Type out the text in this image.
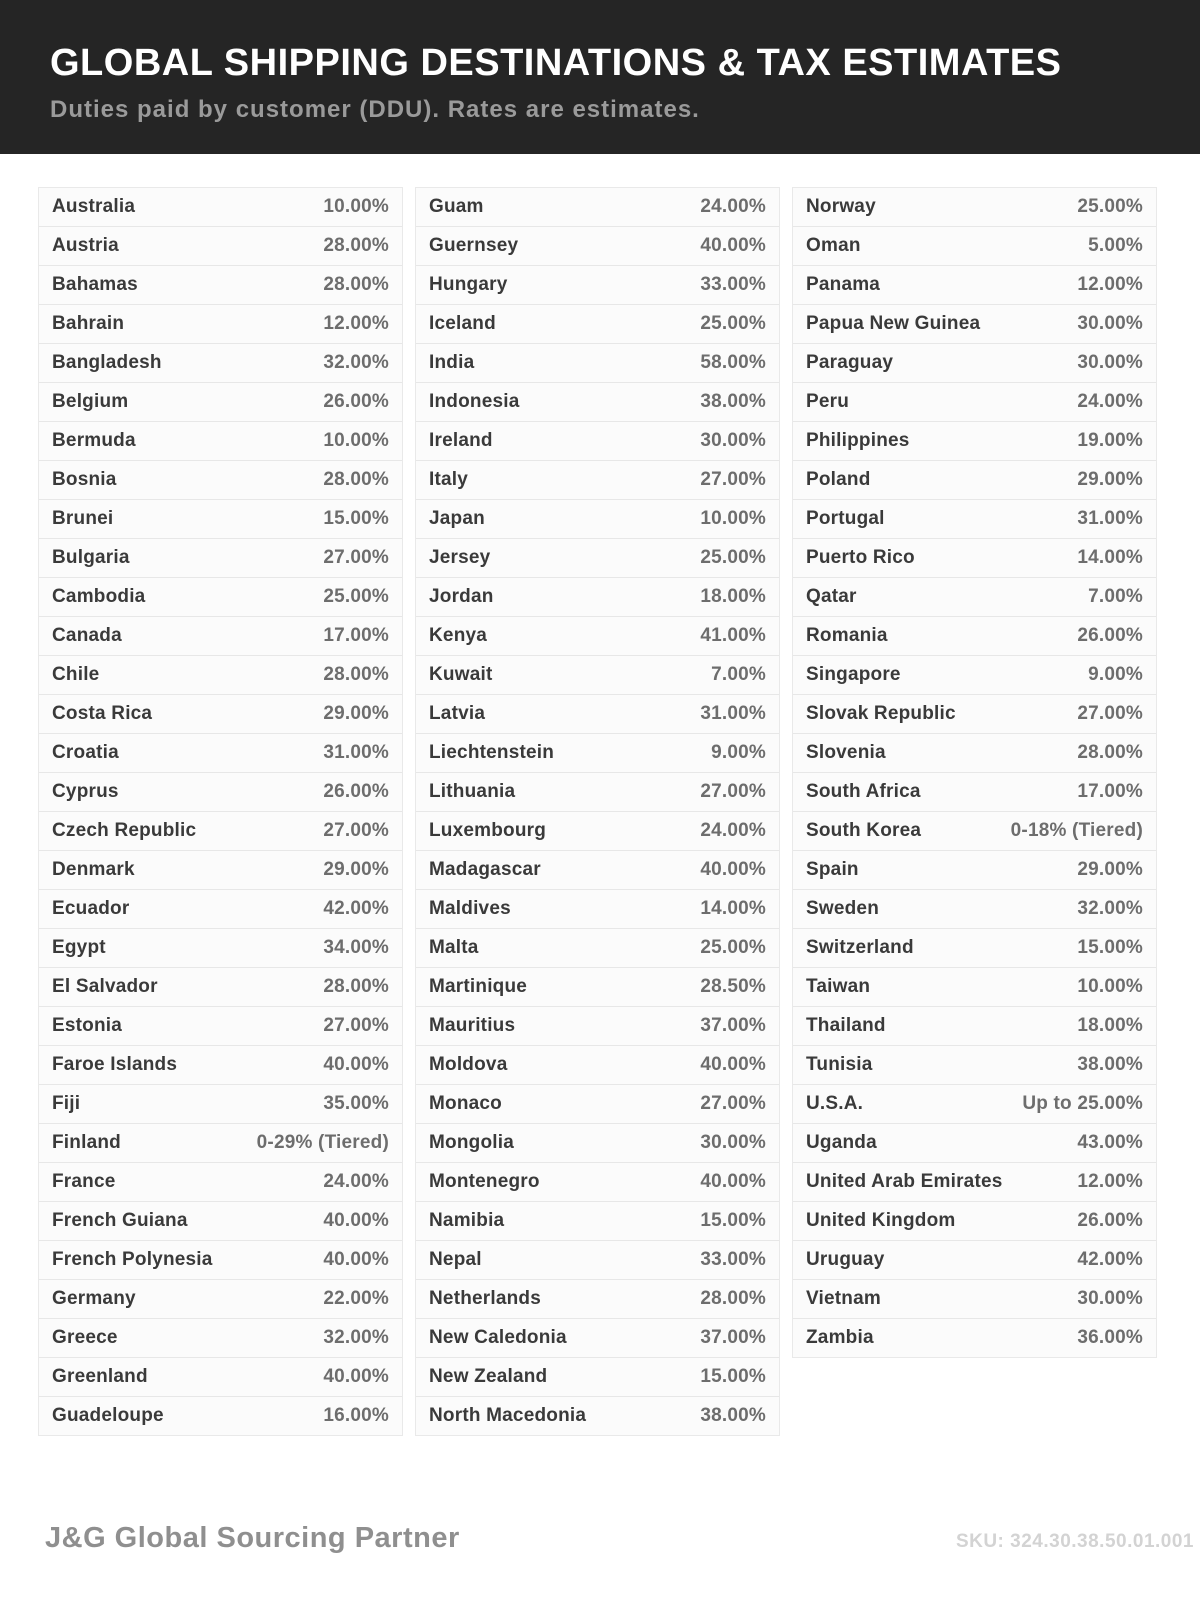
GLOBAL SHIPPING DESTINATIONS & TAX ESTIMATES
Duties paid by customer (DDU). Rates are estimates.
Australia	10.00%
Austria	28.00%
Bahamas	28.00%
Bahrain	12.00%
Bangladesh	32.00%
Belgium	26.00%
Bermuda	10.00%
Bosnia	28.00%
Brunei	15.00%
Bulgaria	27.00%
Cambodia	25.00%
Canada	17.00%
Chile	28.00%
Costa Rica	29.00%
Croatia	31.00%
Cyprus	26.00%
Czech Republic	27.00%
Denmark	29.00%
Ecuador	42.00%
Egypt	34.00%
El Salvador	28.00%
Estonia	27.00%
Faroe Islands	40.00%
Fiji	35.00%
Finland	0-29% (Tiered)
France	24.00%
French Guiana	40.00%
French Polynesia	40.00%
Germany	22.00%
Greece	32.00%
Greenland	40.00%
Guadeloupe	16.00%
Guam	24.00%
Guernsey	40.00%
Hungary	33.00%
Iceland	25.00%
India	58.00%
Indonesia	38.00%
Ireland	30.00%
Italy	27.00%
Japan	10.00%
Jersey	25.00%
Jordan	18.00%
Kenya	41.00%
Kuwait	7.00%
Latvia	31.00%
Liechtenstein	9.00%
Lithuania	27.00%
Luxembourg	24.00%
Madagascar	40.00%
Maldives	14.00%
Malta	25.00%
Martinique	28.50%
Mauritius	37.00%
Moldova	40.00%
Monaco	27.00%
Mongolia	30.00%
Montenegro	40.00%
Namibia	15.00%
Nepal	33.00%
Netherlands	28.00%
New Caledonia	37.00%
New Zealand	15.00%
North Macedonia	38.00%
Norway	25.00%
Oman	5.00%
Panama	12.00%
Papua New Guinea	30.00%
Paraguay	30.00%
Peru	24.00%
Philippines	19.00%
Poland	29.00%
Portugal	31.00%
Puerto Rico	14.00%
Qatar	7.00%
Romania	26.00%
Singapore	9.00%
Slovak Republic	27.00%
Slovenia	28.00%
South Africa	17.00%
South Korea	0-18% (Tiered)
Spain	29.00%
Sweden	32.00%
Switzerland	15.00%
Taiwan	10.00%
Thailand	18.00%
Tunisia	38.00%
U.S.A.	Up to 25.00%
Uganda	43.00%
United Arab Emirates	12.00%
United Kingdom	26.00%
Uruguay	42.00%
Vietnam	30.00%
Zambia	36.00%
J&G Global Sourcing Partner	SKU: 324.30.38.50.01.001
